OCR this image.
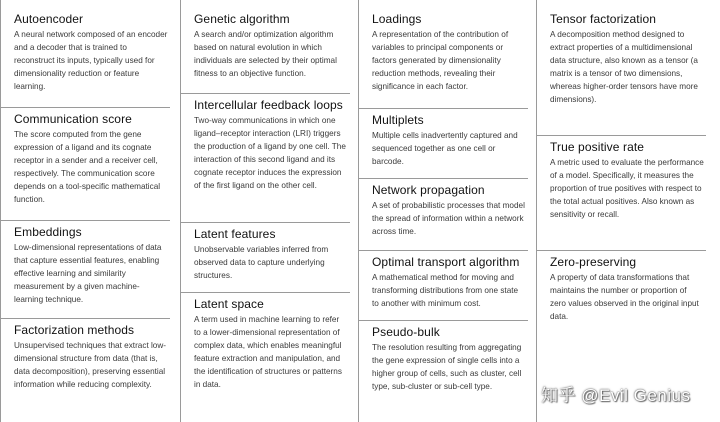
Autoencoder

A neural network composed of an encoder and a decoder that is trained to reconstruct its inputs, typically used for dimensionality reduction or feature learning.

Communication score

The score computed from the gene expression of a ligand and its cognate receptor in a sender and a receiver cell, respectively. The communication score depends on a tool-specific mathematical function.

Embeddings

Low-dimensional representations of data that capture essential features, enabling effective learning and similarity measurement by a given machine-learning technique.

Factorization methods

Unsupervised techniques that extract low-dimensional structure from data (that is, data decomposition), preserving essential information while reducing complexity.

Genetic algorithm

A search and/or optimization algorithm based on natural evolution in which individuals are selected by their optimal fitness to an objective function.

Intercellular feedback loops

Two-way communications in which one ligand–receptor interaction (LRI) triggers the production of a ligand by one cell. The interaction of this second ligand and its cognate receptor induces the expression of the first ligand on the other cell.

Latent features

Unobservable variables inferred from observed data to capture underlying structures.

Latent space

A term used in machine learning to refer to a lower-dimensional representation of complex data, which enables meaningful feature extraction and manipulation, and the identification of structures or patterns in data.

Loadings

A representation of the contribution of variables to principal components or factors generated by dimensionality reduction methods, revealing their significance in each factor.

Multiplets

Multiple cells inadvertently captured and sequenced together as one cell or barcode.

Network propagation

A set of probabilistic processes that model the spread of information within a network across time.

Optimal transport algorithm

A mathematical method for moving and transforming distributions from one state to another with minimum cost.

Pseudo-bulk

The resolution resulting from aggregating the gene expression of single cells into a higher group of cells, such as cluster, cell type, sub-cluster or sub-cell type.

Tensor factorization

A decomposition method designed to extract properties of a multidimensional data structure, also known as a tensor (a matrix is a tensor of two dimensions, whereas higher-order tensors have more dimensions).

True positive rate

A metric used to evaluate the performance of a model. Specifically, it measures the proportion of true positives with respect to the total actual positives. Also known as sensitivity or recall.

Zero-preserving

A property of data transformations that maintains the number or proportion of zero values observed in the original input data.

知乎 @Evil Genius
